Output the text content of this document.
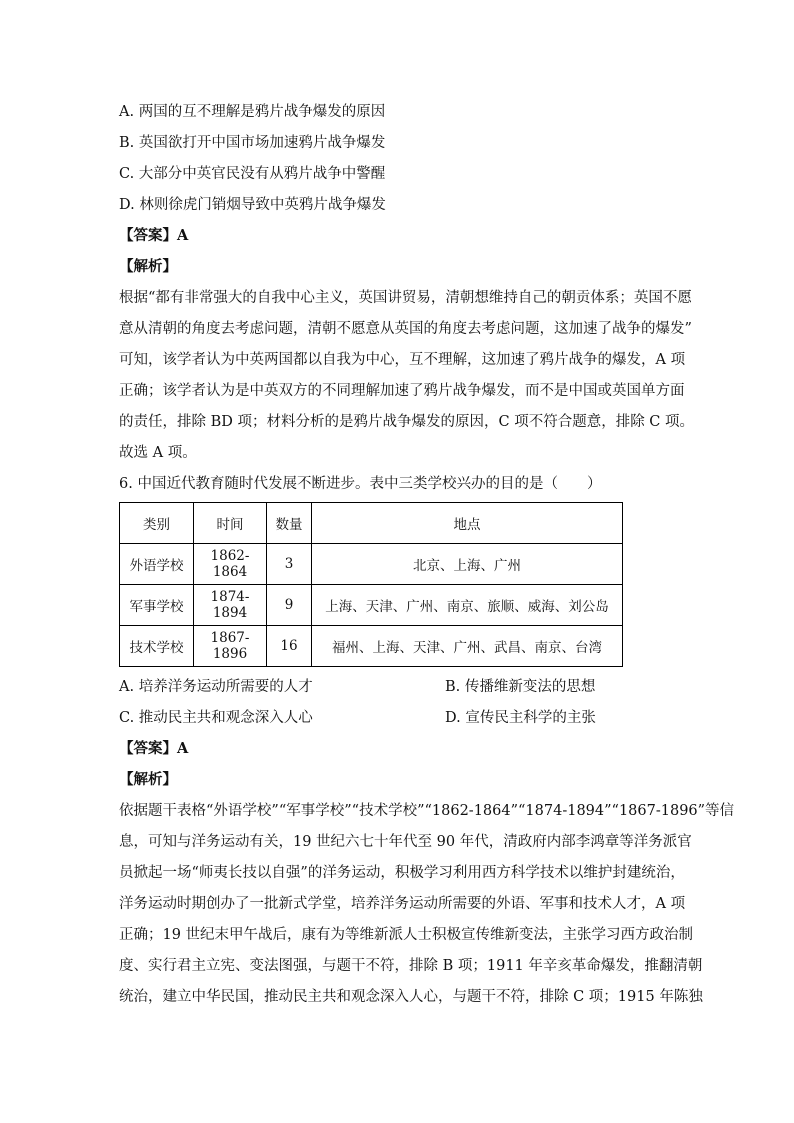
A. 两国的互不理解是鸦片战争爆发的原因
B. 英国欲打开中国市场加速鸦片战争爆发
C. 大部分中英官民没有从鸦片战争中警醒
D. 林则徐虎门销烟导致中英鸦片战争爆发
【答案】A
【解析】
根据“都有非常强大的自我中心主义，英国讲贸易，清朝想维持自己的朝贡体系；英国不愿
意从清朝的角度去考虑问题，清朝不愿意从英国的角度去考虑问题，这加速了战争的爆发”
可知，该学者认为中英两国都以自我为中心，互不理解，这加速了鸦片战争的爆发，A 项
正确；该学者认为是中英双方的不同理解加速了鸦片战争爆发，而不是中国或英国单方面
的责任，排除 BD 项；材料分析的是鸦片战争爆发的原因，C 项不符合题意，排除 C 项。
故选 A 项。
6. 中国近代教育随时代发展不断进步。表中三类学校兴办的目的是（　　）
类别	时间	数量	地点
外语学校	1862-1864	3	北京、上海、广州
军事学校	1874-1894	9	上海、天津、广州、南京、旅顺、威海、刘公岛
技术学校	1867-1896	16	福州、上海、天津、广州、武昌、南京、台湾
A. 培养洋务运动所需要的人才	B. 传播维新变法的思想
C. 推动民主共和观念深入人心	D. 宣传民主科学的主张
【答案】A
【解析】
依据题干表格“外语学校”“军事学校”“技术学校”“1862-1864”“1874-1894”“1867-1896”等信
息，可知与洋务运动有关，19 世纪六七十年代至 90 年代，清政府内部李鸿章等洋务派官
员掀起一场“师夷长技以自强”的洋务运动，积极学习利用西方科学技术以维护封建统治，
洋务运动时期创办了一批新式学堂，培养洋务运动所需要的外语、军事和技术人才，A 项
正确；19 世纪末甲午战后，康有为等维新派人士积极宣传维新变法，主张学习西方政治制
度、实行君主立宪、变法图强，与题干不符，排除 B 项；1911 年辛亥革命爆发，推翻清朝
统治，建立中华民国，推动民主共和观念深入人心，与题干不符，排除 C 项；1915 年陈独
